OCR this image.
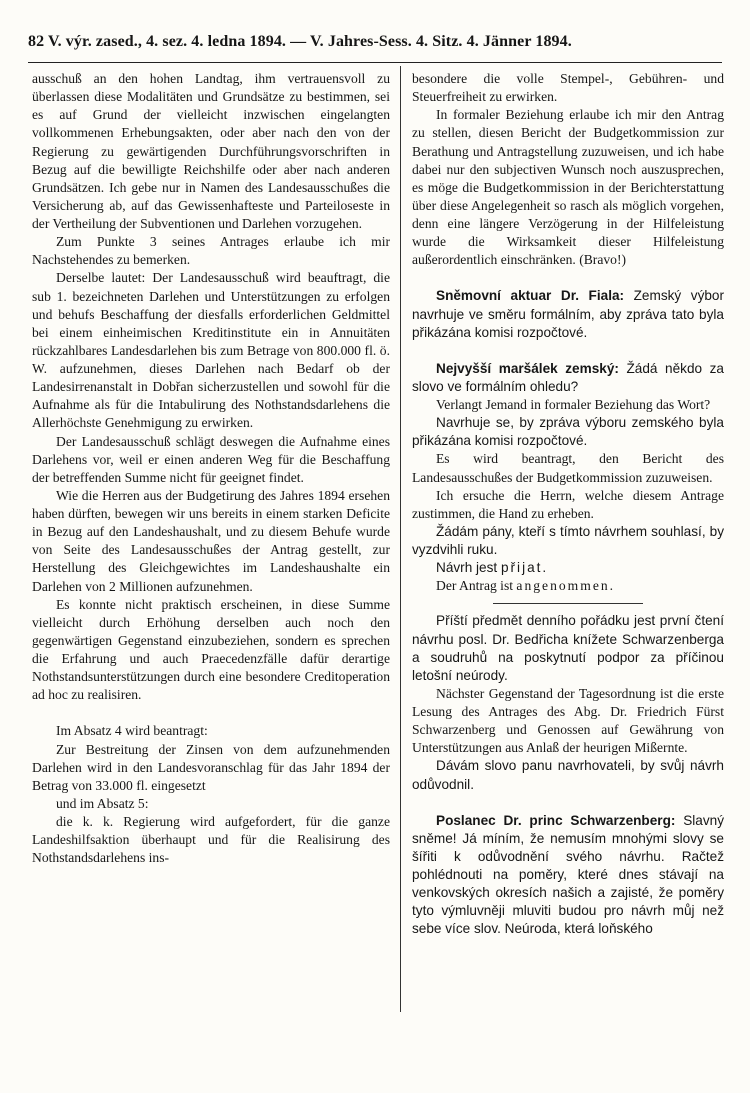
82 V. výr. zased., 4. sez. 4. ledna 1894. — V. Jahres-Sess. 4. Sitz. 4. Jänner 1894.

ausschuß an den hohen Landtag, ihm vertrauensvoll zu überlassen diese Modalitäten und Grundsätze zu bestimmen, sei es auf Grund der vielleicht inzwischen eingelangten vollkommenen Erhebungsakten, oder aber nach den von der Regierung zu gewärtigenden Durchführungsvorschriften in Bezug auf die bewilligte Reichshilfe oder aber nach anderen Grundsätzen. Ich gebe nur in Namen des Landesausschußes die Versicherung ab, auf das Gewissenhafteste und Parteiloseste in der Vertheilung der Subventionen und Darlehen vorzugehen.

Zum Punkte 3 seines Antrages erlaube ich mir Nachstehendes zu bemerken.

Derselbe lautet: Der Landesausschuß wird beauftragt, die sub 1. bezeichneten Darlehen und Unterstützungen zu erfolgen und behufs Beschaffung der diesfalls erforderlichen Geldmittel bei einem einheimischen Kreditinstitute ein in Annuitäten rückzahlbares Landesdarlehen bis zum Betrage von 800.000 fl. ö. W. aufzunehmen, dieses Darlehen nach Bedarf ob der Landesirrenanstalt in Dobřan sicherzustellen und sowohl für die Aufnahme als für die Intabulirung des Nothstandsdarlehens die Allerhöchste Genehmigung zu erwirken.

Der Landesausschuß schlägt deswegen die Aufnahme eines Darlehens vor, weil er einen anderen Weg für die Beschaffung der betreffenden Summe nicht für geeignet findet.

Wie die Herren aus der Budgetirung des Jahres 1894 ersehen haben dürften, bewegen wir uns bereits in einem starken Deficite in Bezug auf den Landeshaushalt, und zu diesem Behufe wurde von Seite des Landesausschußes der Antrag gestellt, zur Herstellung des Gleichgewichtes im Landeshaushalte ein Darlehen von 2 Millionen aufzunehmen.

Es konnte nicht praktisch erscheinen, in diese Summe vielleicht durch Erhöhung derselben auch noch den gegenwärtigen Gegenstand einzubeziehen, sondern es sprechen die Erfahrung und auch Praecedenzfälle dafür derartige Nothstandsunterstützungen durch eine besondere Creditoperation ad hoc zu realisiren.

Im Absatz 4 wird beantragt:

Zur Bestreitung der Zinsen von dem aufzunehmenden Darlehen wird in den Landesvoranschlag für das Jahr 1894 der Betrag von 33.000 fl. eingesetzt

und im Absatz 5:

die k. k. Regierung wird aufgefordert, für die ganze Landeshilfsaktion überhaupt und für die Realisirung des Nothstandsdarlehens ins-

besondere die volle Stempel-, Gebühren- und Steuerfreiheit zu erwirken.

In formaler Beziehung erlaube ich mir den Antrag zu stellen, diesen Bericht der Budgetkommission zur Berathung und Antragstellung zuzuweisen, und ich habe dabei nur den subjectiven Wunsch noch auszusprechen, es möge die Budgetkommission in der Berichterstattung über diese Angelegenheit so rasch als möglich vorgehen, denn eine längere Verzögerung in der Hilfeleistung wurde die Wirksamkeit dieser Hilfeleistung außerordentlich einschränken. (Bravo!)

Sněmovní aktuar Dr. Fiala: Zemský výbor navrhuje ve směru formálním, aby zpráva tato byla přikázána komisi rozpočtové.

Nejvyšší maršálek zemský: Žádá někdo za slovo ve formálním ohledu?

Verlangt Jemand in formaler Beziehung das Wort?

Navrhuje se, by zpráva výboru zemského byla přikázána komisi rozpočtové.

Es wird beantragt, den Bericht des Landesausschußes der Budgetkommission zuzuweisen.

Ich ersuche die Herrn, welche diesem Antrage zustimmen, die Hand zu erheben.

Žádám pány, kteří s tímto návrhem souhlasí, by vyzdvihli ruku.

Návrh jest přijat.

Der Antrag ist angenommen.

Příští předmět denního pořádku jest první čtení návrhu posl. Dr. Bedřicha knížete Schwarzenberga a soudruhů na poskytnutí podpor za příčinou letošní neúrody.

Nächster Gegenstand der Tagesordnung ist die erste Lesung des Antrages des Abg. Dr. Friedrich Fürst Schwarzenberg und Genossen auf Gewährung von Unterstützungen aus Anlaß der heurigen Mißernte.

Dávám slovo panu navrhovateli, by svůj návrh odůvodnil.

Poslanec Dr. princ Schwarzenberg: Slavný sněme! Já míním, že nemusím mnohými slovy se šířiti k odůvodnění svého návrhu. Račtež pohlédnouti na poměry, které dnes stávají na venkovských okresích našich a zajisté, že poměry tyto výmluvněji mluviti budou pro návrh můj než sebe více slov. Neúroda, která loňského
